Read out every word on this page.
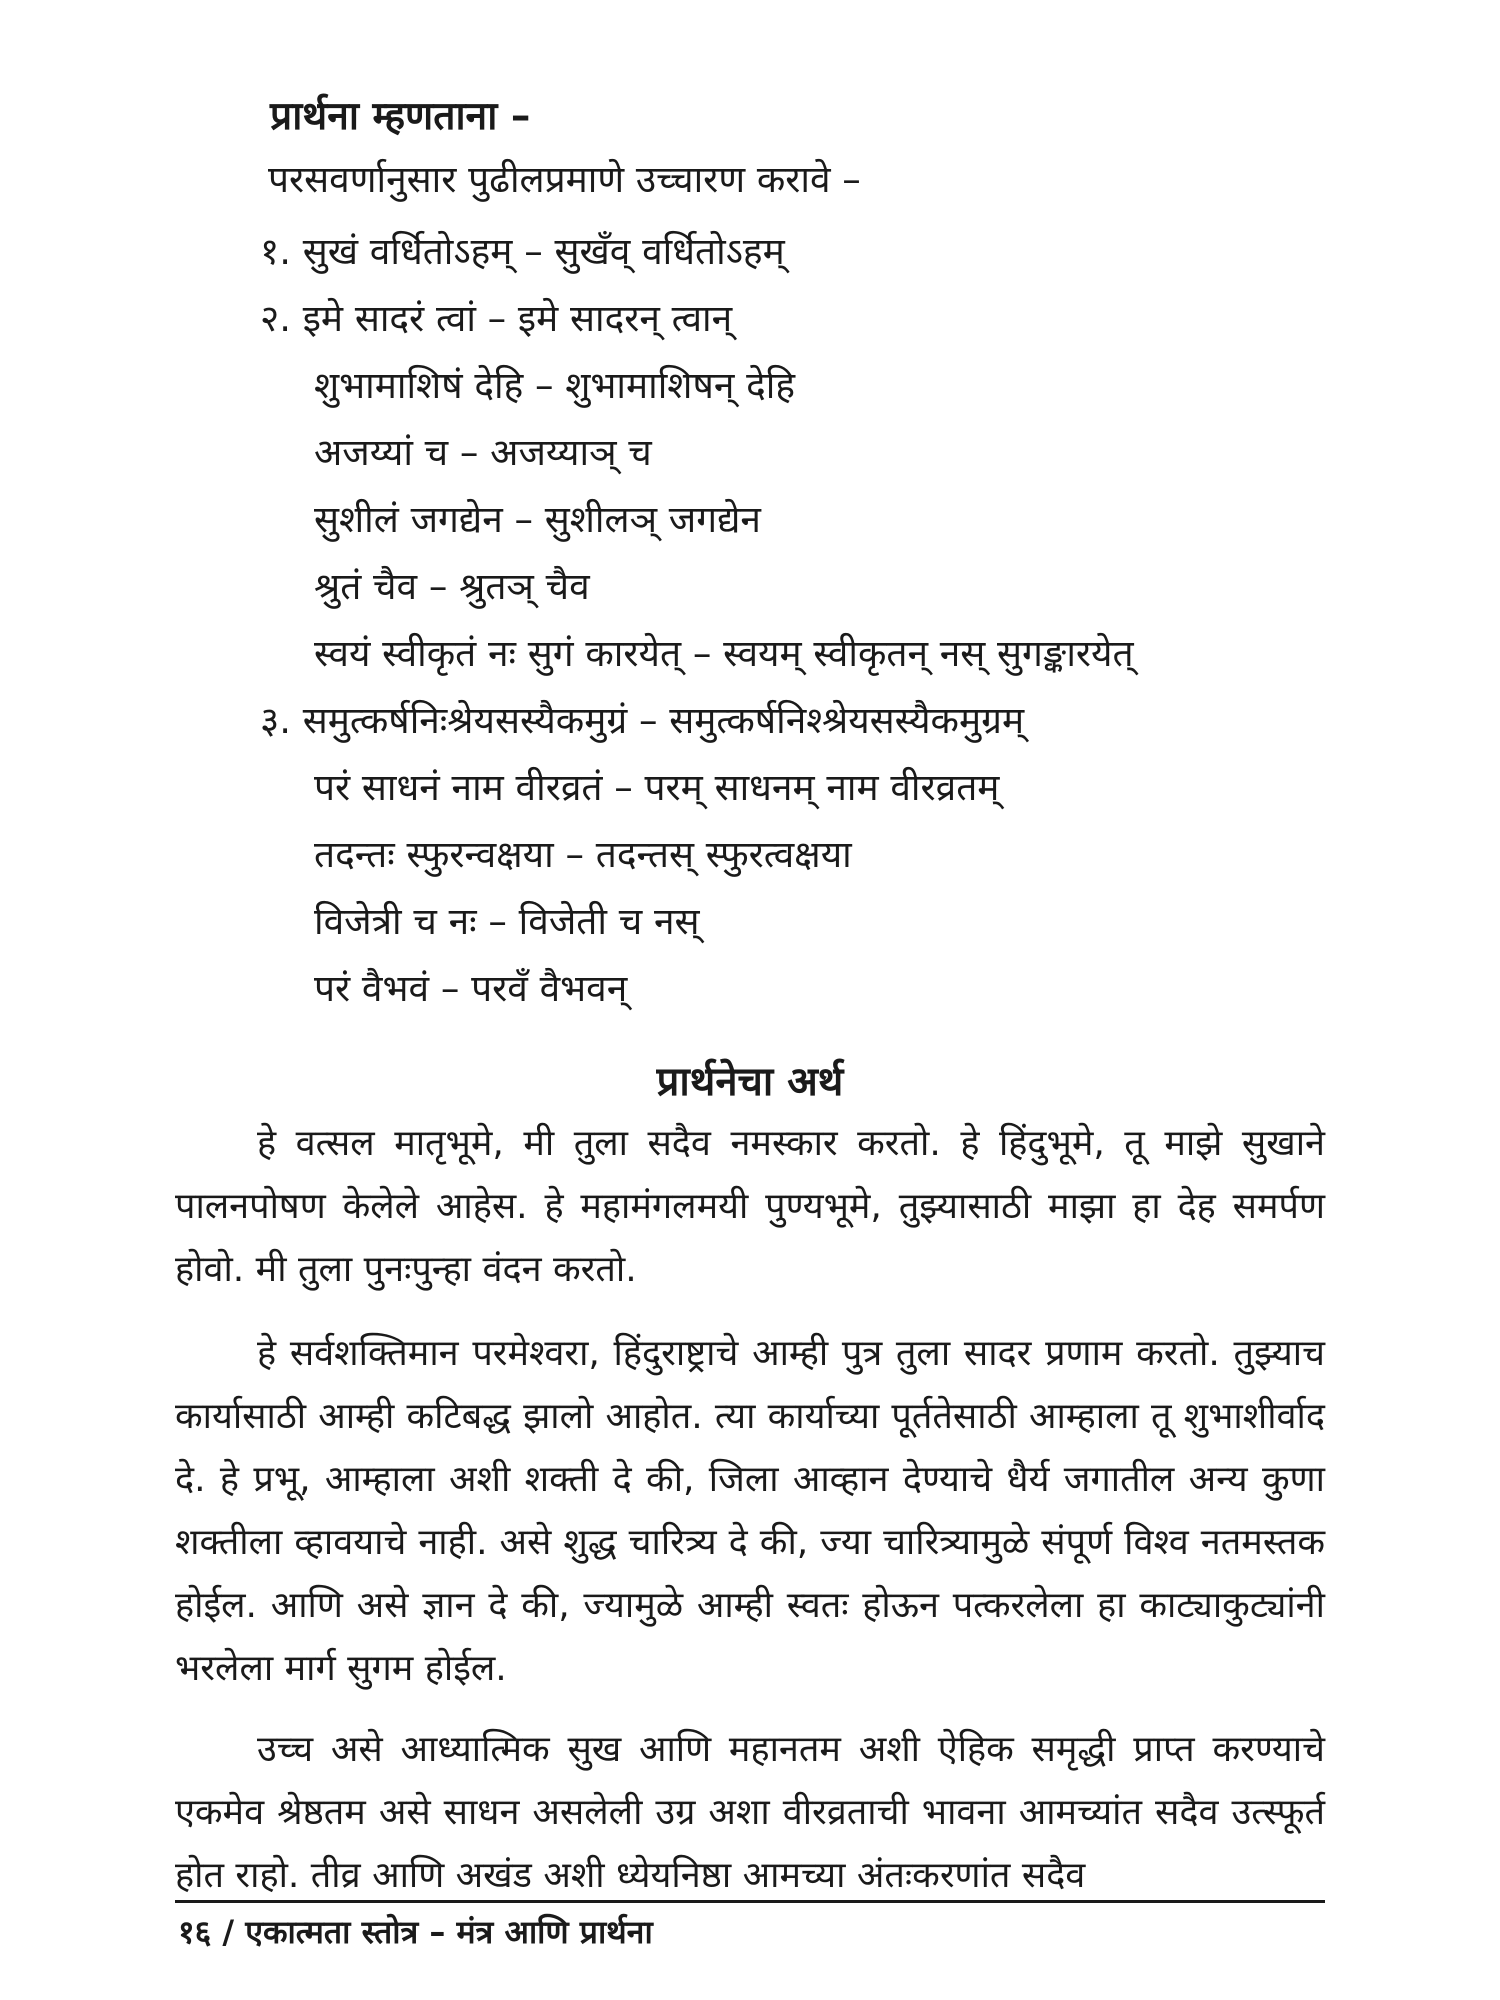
प्रार्थना म्हणताना –
परसवर्णानुसार पुढीलप्रमाणे उच्चारण करावे –
१. सुखं वर्धितोऽहम् – सुखँव् वर्धितोऽहम्
२. इमे सादरं त्वां – इमे सादरन् त्वान्
शुभामाशिषं देहि – शुभामाशिषन् देहि
अजय्यां च – अजय्याञ् च
सुशीलं जगद्येन – सुशीलञ् जगद्येन
श्रुतं चैव – श्रुतञ् चैव
स्वयं स्वीकृतं नः सुगं कारयेत् – स्वयम् स्वीकृतन् नस् सुगङ्कारयेत्
३. समुत्कर्षनिःश्रेयसस्यैकमुग्रं – समुत्कर्षनिश्श्रेयसस्यैकमुग्रम्
परं साधनं नाम वीरव्रतं – परम् साधनम् नाम वीरव्रतम्
तदन्तः स्फुरन्वक्षया – तदन्तस् स्फुरत्वक्षया
विजेत्री च नः – विजेती च नस्
परं वैभवं – परवँ वैभवन्
प्रार्थनेचा अर्थ

हे वत्सल मातृभूमे, मी तुला सदैव नमस्कार करतो. हे हिंदुभूमे, तू माझे सुखाने पालनपोषण केलेले आहेस. हे महामंगलमयी पुण्यभूमे, तुझ्यासाठी माझा हा देह समर्पण होवो. मी तुला पुनःपुन्हा वंदन करतो.

हे सर्वशक्तिमान परमेश्वरा, हिंदुराष्ट्राचे आम्ही पुत्र तुला सादर प्रणाम करतो. तुझ्याच कार्यासाठी आम्ही कटिबद्ध झालो आहोत. त्या कार्याच्या पूर्ततेसाठी आम्हाला तू शुभाशीर्वाद दे. हे प्रभू, आम्हाला अशी शक्ती दे की, जिला आव्हान देण्याचे धैर्य जगातील अन्य कुणा शक्तीला व्हावयाचे नाही. असे शुद्ध चारित्र्य दे की, ज्या चारित्र्यामुळे संपूर्ण विश्व नतमस्तक होईल. आणि असे ज्ञान दे की, ज्यामुळे आम्ही स्वतः होऊन पत्करलेला हा काट्याकुट्यांनी भरलेला मार्ग सुगम होईल.

उच्च असे आध्यात्मिक सुख आणि महानतम अशी ऐहिक समृद्धी प्राप्त करण्याचे एकमेव श्रेष्ठतम असे साधन असलेली उग्र अशा वीरव्रताची भावना आमच्यांत सदैव उत्स्फूर्त होत राहो. तीव्र आणि अखंड अशी ध्येयनिष्ठा आमच्या अंतःकरणांत सदैव

१६ / एकात्मता स्तोत्र – मंत्र आणि प्रार्थना
